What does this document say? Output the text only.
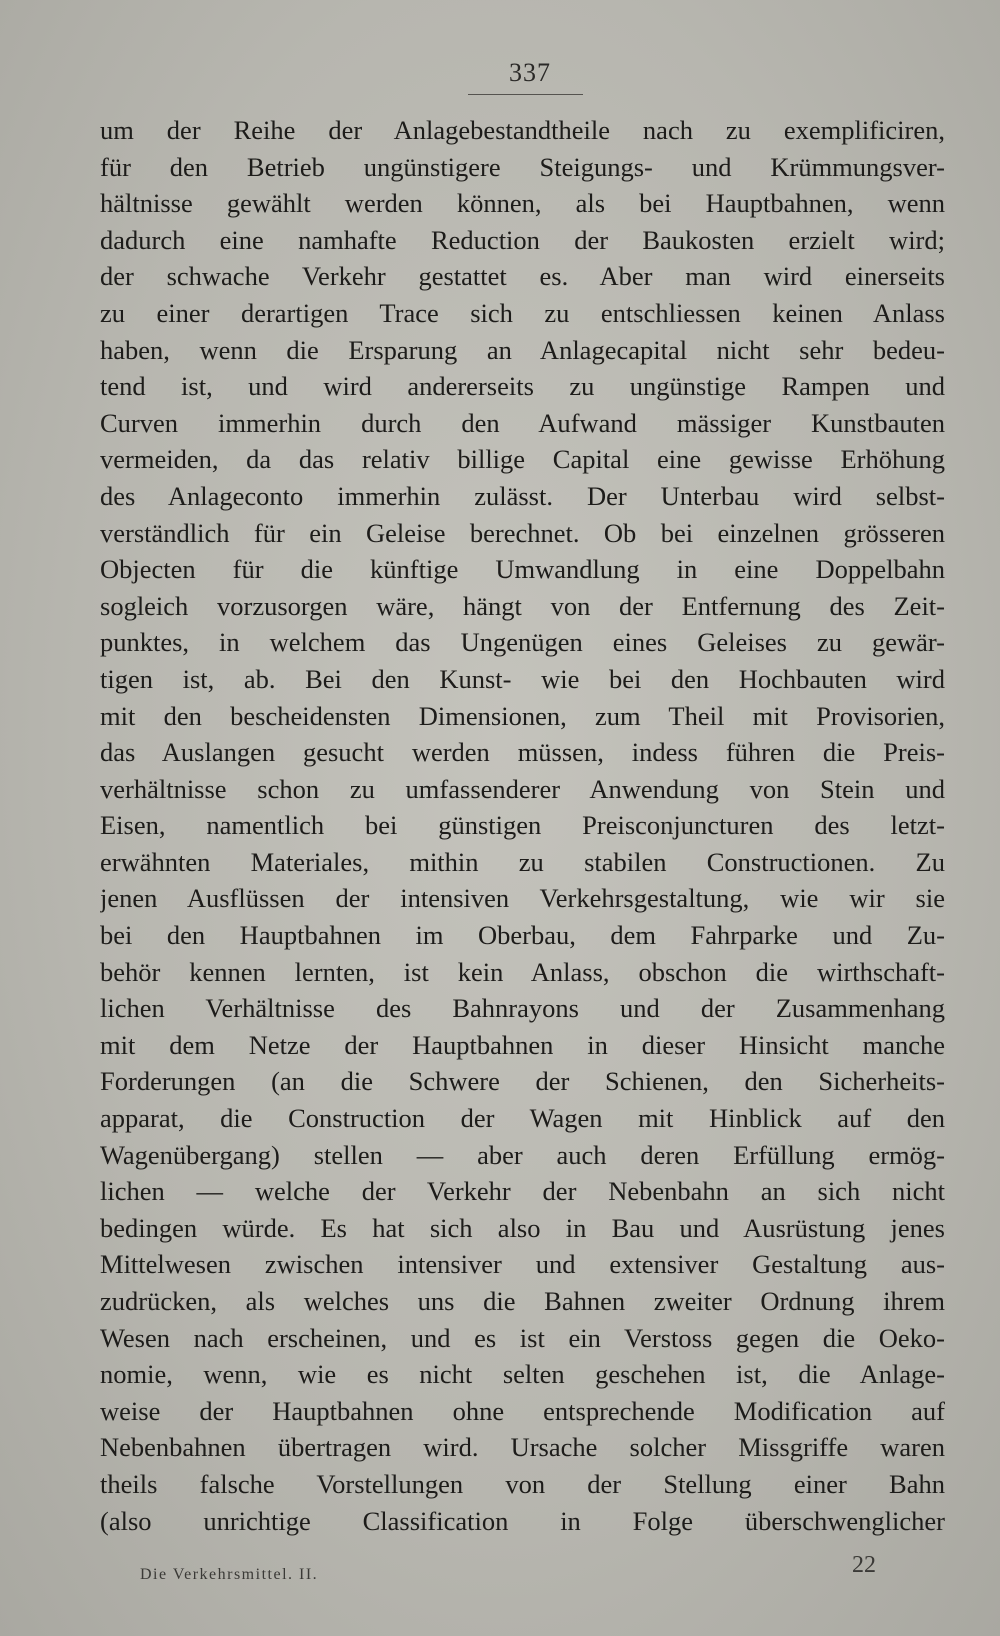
337
um der Reihe der Anlagebestandtheile nach zu exemplificiren,
für den Betrieb ungünstigere Steigungs- und Krümmungsver-
hältnisse gewählt werden können, als bei Hauptbahnen, wenn
dadurch eine namhafte Reduction der Baukosten erzielt wird;
der schwache Verkehr gestattet es. Aber man wird einerseits
zu einer derartigen Trace sich zu entschliessen keinen Anlass
haben, wenn die Ersparung an Anlagecapital nicht sehr bedeu-
tend ist, und wird andererseits zu ungünstige Rampen und
Curven immerhin durch den Aufwand mässiger Kunstbauten
vermeiden, da das relativ billige Capital eine gewisse Erhöhung
des Anlageconto immerhin zulässt. Der Unterbau wird selbst-
verständlich für ein Geleise berechnet. Ob bei einzelnen grösseren
Objecten für die künftige Umwandlung in eine Doppelbahn
sogleich vorzusorgen wäre, hängt von der Entfernung des Zeit-
punktes, in welchem das Ungenügen eines Geleises zu gewär-
tigen ist, ab. Bei den Kunst- wie bei den Hochbauten wird
mit den bescheidensten Dimensionen, zum Theil mit Provisorien,
das Auslangen gesucht werden müssen, indess führen die Preis-
verhältnisse schon zu umfassenderer Anwendung von Stein und
Eisen, namentlich bei günstigen Preisconjuncturen des letzt-
erwähnten Materiales, mithin zu stabilen Constructionen. Zu
jenen Ausflüssen der intensiven Verkehrsgestaltung, wie wir sie
bei den Hauptbahnen im Oberbau, dem Fahrparke und Zu-
behör kennen lernten, ist kein Anlass, obschon die wirthschaft-
lichen Verhältnisse des Bahnrayons und der Zusammenhang
mit dem Netze der Hauptbahnen in dieser Hinsicht manche
Forderungen (an die Schwere der Schienen, den Sicherheits-
apparat, die Construction der Wagen mit Hinblick auf den
Wagenübergang) stellen — aber auch deren Erfüllung ermög-
lichen — welche der Verkehr der Nebenbahn an sich nicht
bedingen würde. Es hat sich also in Bau und Ausrüstung jenes
Mittelwesen zwischen intensiver und extensiver Gestaltung aus-
zudrücken, als welches uns die Bahnen zweiter Ordnung ihrem
Wesen nach erscheinen, und es ist ein Verstoss gegen die Oeko-
nomie, wenn, wie es nicht selten geschehen ist, die Anlage-
weise der Hauptbahnen ohne entsprechende Modification auf
Nebenbahnen übertragen wird. Ursache solcher Missgriffe waren
theils falsche Vorstellungen von der Stellung einer Bahn
(also unrichtige Classification in Folge überschwenglicher
Die Verkehrsmittel. II.	22
